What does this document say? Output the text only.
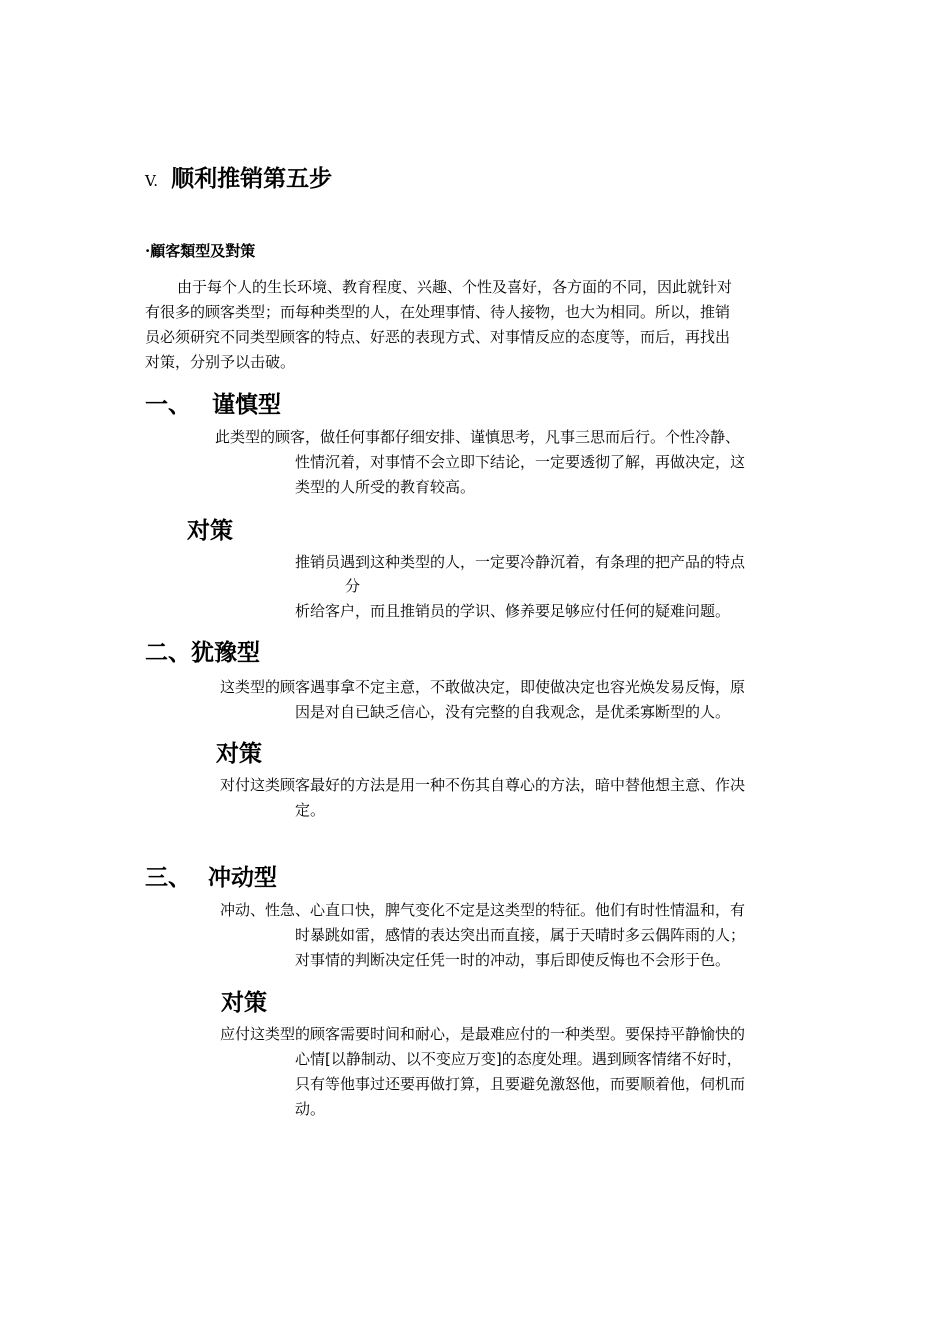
V. 顺利推销第五步
·顧客類型及對策
由于每个人的生长环境、教育程度、兴趣、个性及喜好，各方面的不同，因此就针对
有很多的顾客类型；而每种类型的人，在处理事情、待人接物，也大为相同。所以，推销
员必须研究不同类型顾客的特点、好恶的表现方式、对事情反应的态度等，而后，再找出
对策，分别予以击破。
一、 谨慎型
此类型的顾客，做任何事都仔细安排、谨慎思考，凡事三思而后行。个性冷静、
性情沉着，对事情不会立即下结论，一定要透彻了解，再做决定，这
类型的人所受的教育较高。
对策
推销员遇到这种类型的人，一定要冷静沉着，有条理的把产品的特点
分
析给客户，而且推销员的学识、修养要足够应付任何的疑难问题。
二、犹豫型
这类型的顾客遇事拿不定主意，不敢做决定，即使做决定也容光焕发易反悔，原
因是对自已缺乏信心，没有完整的自我观念，是优柔寡断型的人。
对策
对付这类顾客最好的方法是用一种不伤其自尊心的方法，暗中替他想主意、作决
定。
三、 冲动型
冲动、性急、心直口快，脾气变化不定是这类型的特征。他们有时性情温和，有
时暴跳如雷，感情的表达突出而直接，属于天晴时多云偶阵雨的人；
对事情的判断决定任凭一时的冲动，事后即使反悔也不会形于色。
对策
应付这类型的顾客需要时间和耐心，是最难应付的一种类型。要保持平静愉快的
心情[以静制动、以不变应万变]的态度处理。遇到顾客情绪不好时，
只有等他事过还要再做打算，且要避免激怒他，而要顺着他，伺机而
动。
